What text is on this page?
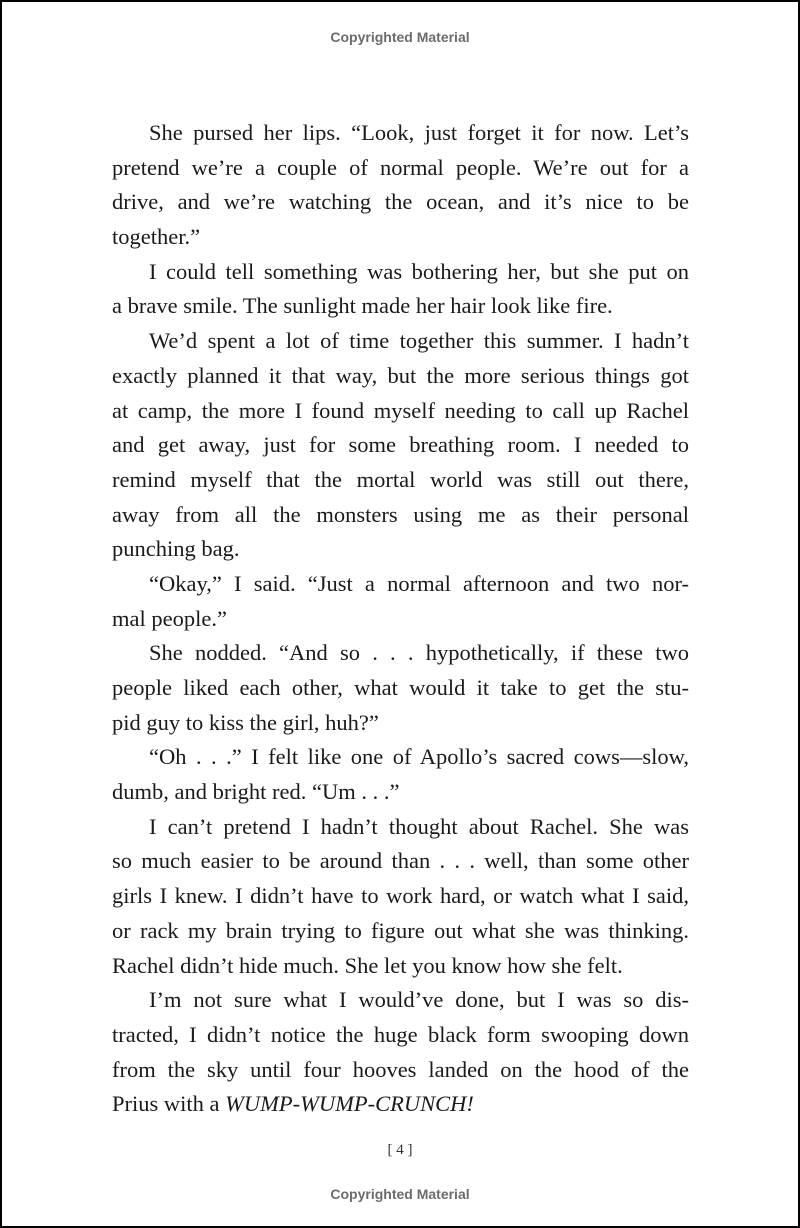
Copyrighted Material
She pursed her lips. “Look, just forget it for now. Let’s
pretend we’re a couple of normal people. We’re out for a
drive, and we’re watching the ocean, and it’s nice to be
together.”
I could tell something was bothering her, but she put on
a brave smile. The sunlight made her hair look like fire.
We’d spent a lot of time together this summer. I hadn’t
exactly planned it that way, but the more serious things got
at camp, the more I found myself needing to call up Rachel
and get away, just for some breathing room. I needed to
remind myself that the mortal world was still out there,
away from all the monsters using me as their personal
punching bag.
“Okay,” I said. “Just a normal afternoon and two nor-
mal people.”
She nodded. “And so . . . hypothetically, if these two
people liked each other, what would it take to get the stu-
pid guy to kiss the girl, huh?”
“Oh . . .” I felt like one of Apollo’s sacred cows—slow,
dumb, and bright red. “Um . . .”
I can’t pretend I hadn’t thought about Rachel. She was
so much easier to be around than . . . well, than some other
girls I knew. I didn’t have to work hard, or watch what I said,
or rack my brain trying to figure out what she was thinking.
Rachel didn’t hide much. She let you know how she felt.
I’m not sure what I would’ve done, but I was so dis-
tracted, I didn’t notice the huge black form swooping down
from the sky until four hooves landed on the hood of the
Prius with a WUMP-WUMP-CRUNCH!
[ 4 ]
Copyrighted Material
